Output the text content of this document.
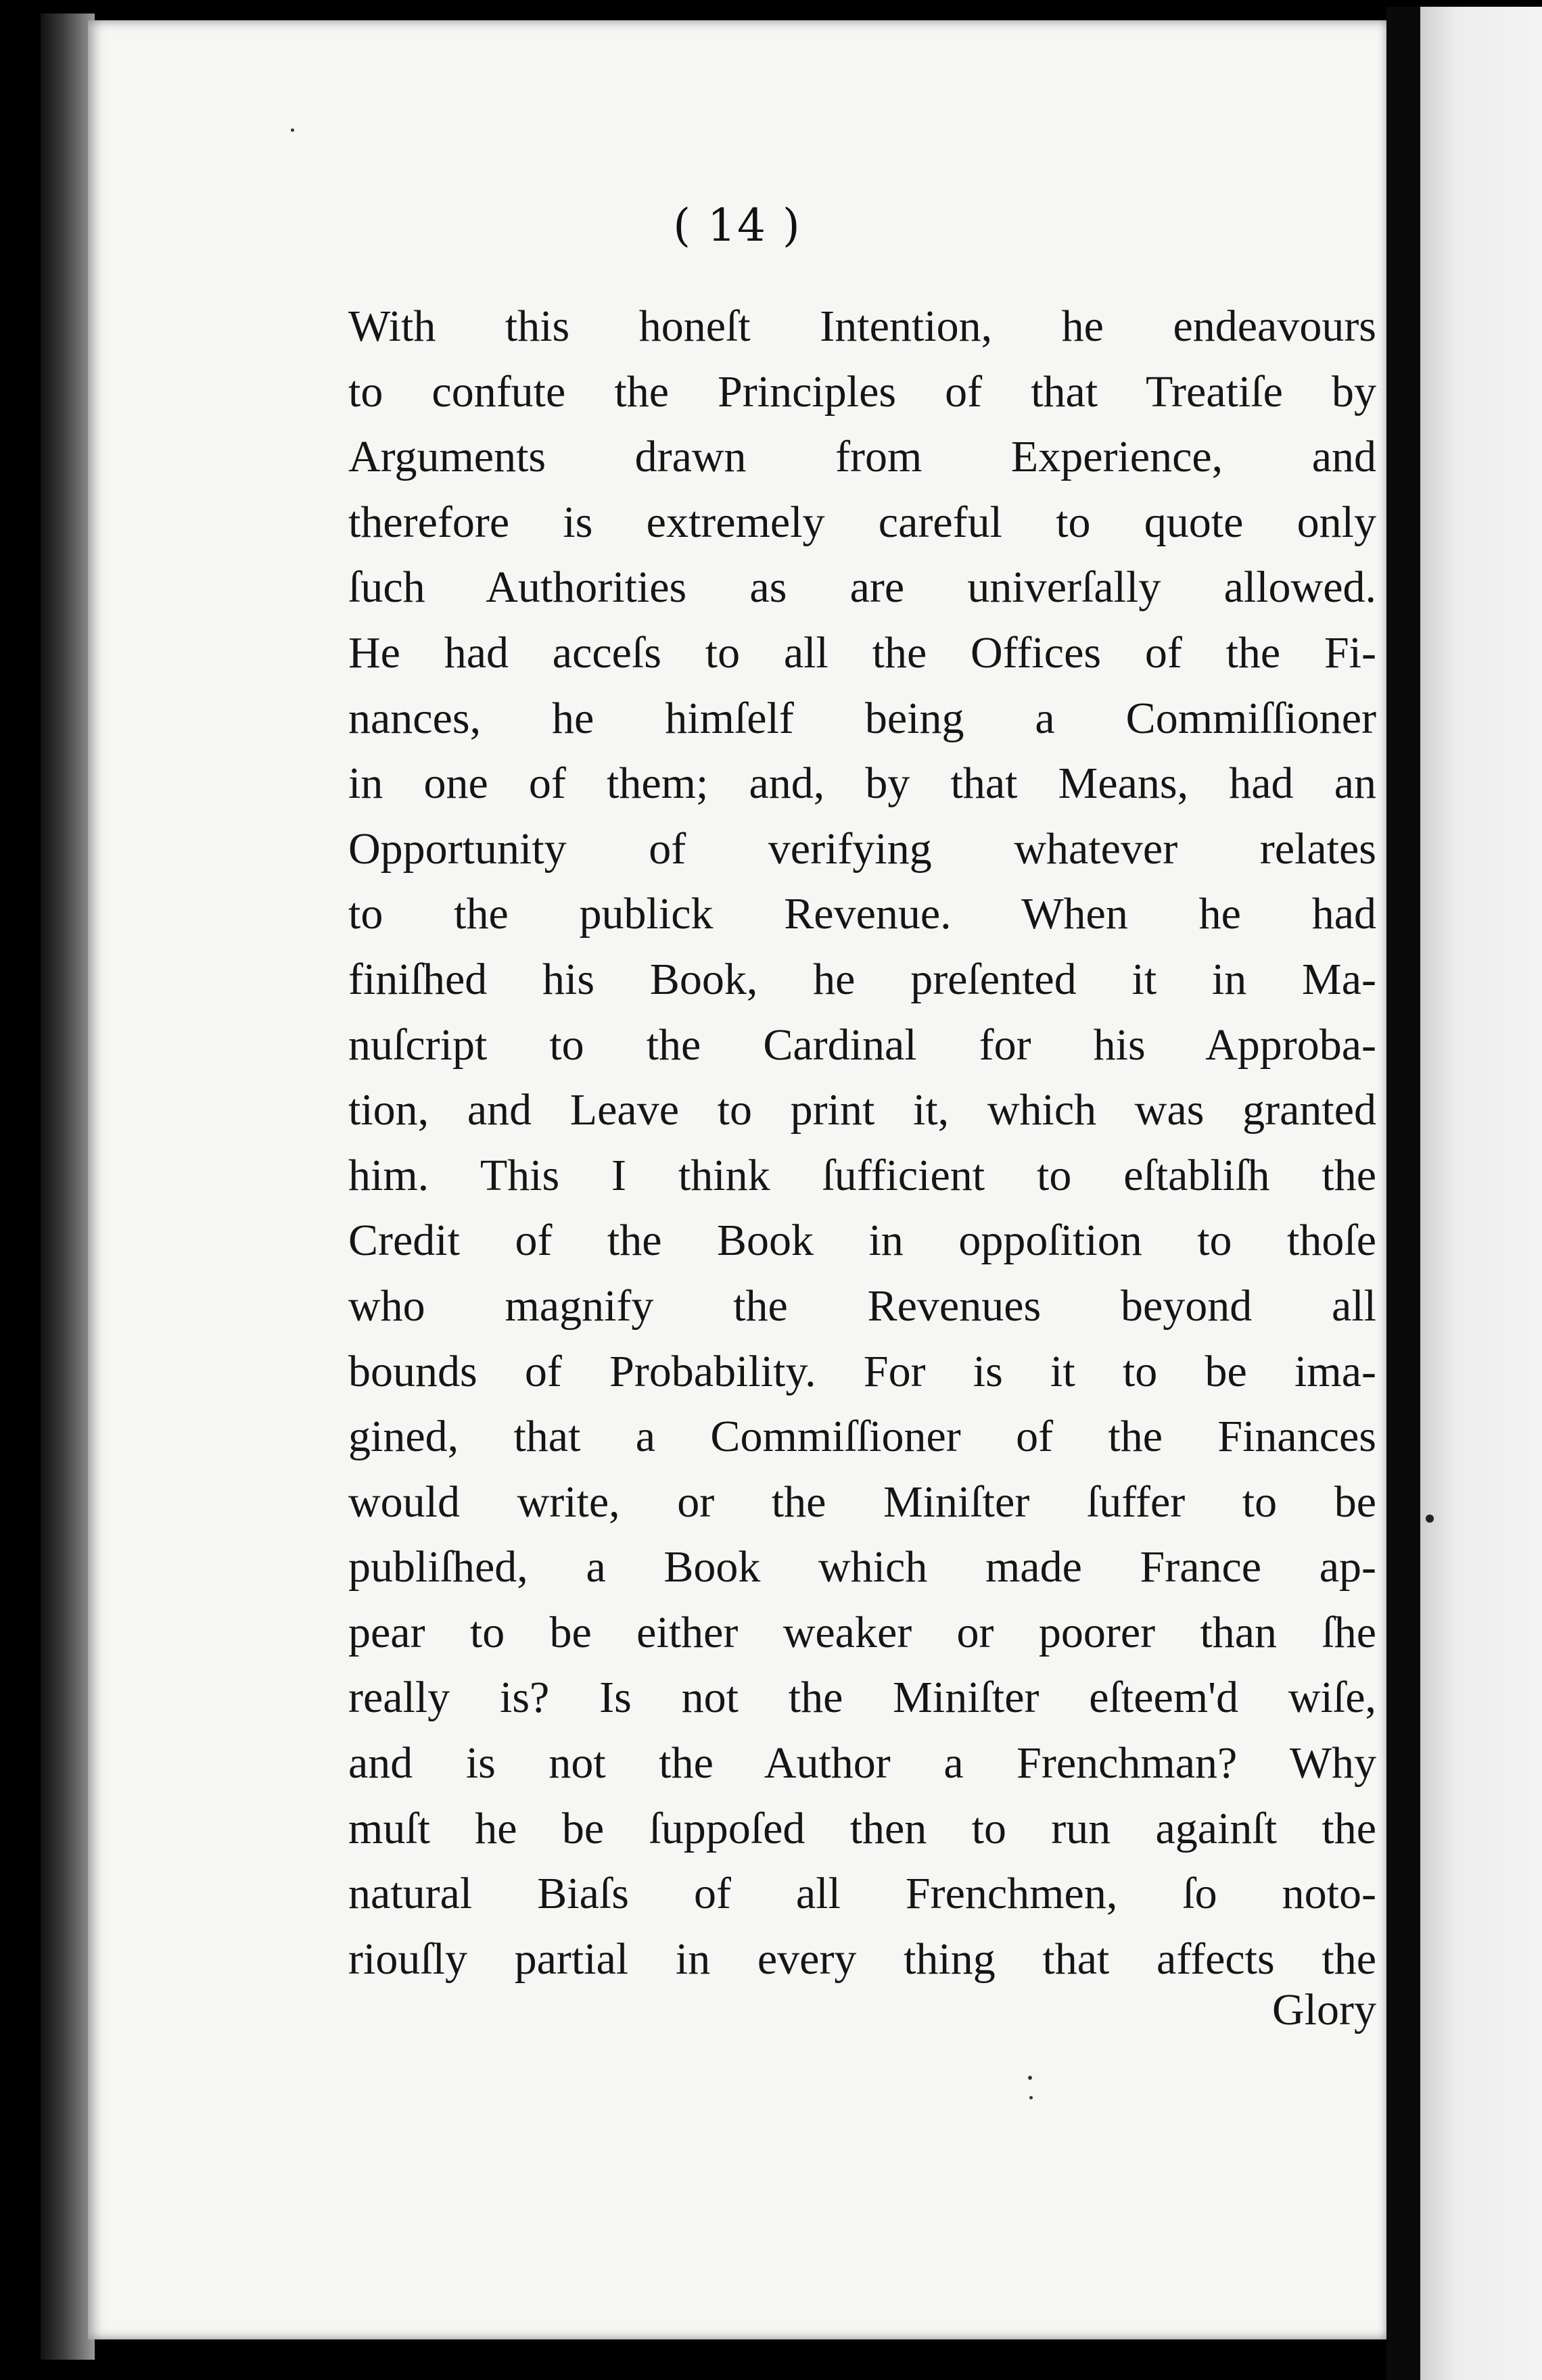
( 14 )
With this honeſt Intention, he endeavours
to confute the Principles of that Treatiſe by
Arguments drawn from Experience, and
therefore is extremely careful to quote only
ſuch Authorities as are univerſally allowed.
He had acceſs to all the Offices of the Fi-
nances, he himſelf being a Commiſſioner
in one of them; and, by that Means, had an
Opportunity of verifying whatever relates
to the publick Revenue. When he had
finiſhed his Book, he preſented it in Ma-
nuſcript to the Cardinal for his Approba-
tion, and Leave to print it, which was granted
him. This I think ſufficient to eſtabliſh the
Credit of the Book in oppoſition to thoſe
who magnify the Revenues beyond all
bounds of Probability. For is it to be ima-
gined, that a Commiſſioner of the Finances
would write, or the Miniſter ſuffer to be
publiſhed, a Book which made France ap-
pear to be either weaker or poorer than ſhe
really is? Is not the Miniſter eſteem'd wiſe,
and is not the Author a Frenchman? Why
muſt he be ſuppoſed then to run againſt the
natural Biaſs of all Frenchmen, ſo noto-
riouſly partial in every thing that affects the
Glory
